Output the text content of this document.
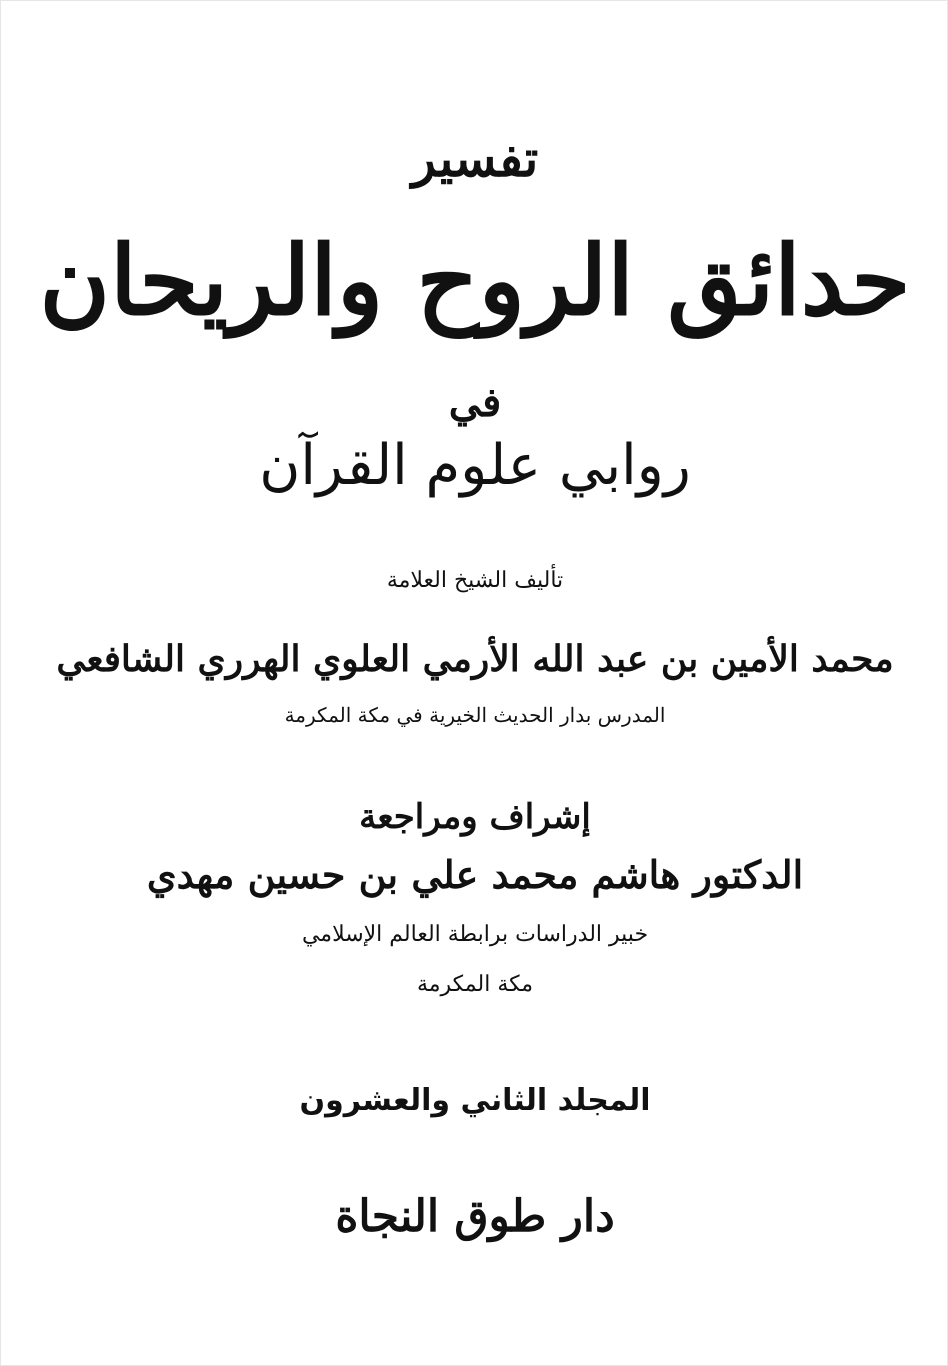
تفسير
حدائق الروح والريحان
في
روابي علوم القرآن
تأليف الشيخ العلامة
محمد الأمين بن عبد الله الأرمي العلوي الهرري الشافعي
المدرس بدار الحديث الخيرية في مكة المكرمة
إشراف ومراجعة
الدكتور هاشم محمد علي بن حسين مهدي
خبير الدراسات برابطة العالم الإسلامي
مكة المكرمة
المجلد الثاني والعشرون
دار طوق النجاة
